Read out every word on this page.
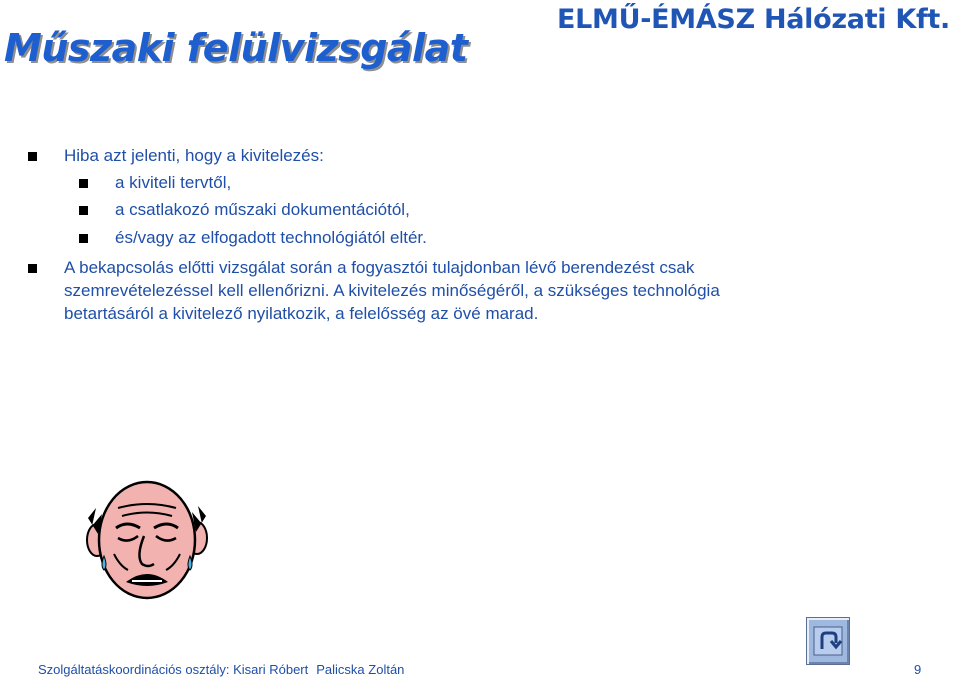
Műszaki felülvizsgálat
ELMŰ-ÉMÁSZ Hálózati Kft.
Hiba azt jelenti, hogy a kivitelezés:
a kiviteli tervtől,
a csatlakozó műszaki dokumentációtól,
és/vagy az elfogadott technológiától eltér.
A bekapcsolás előtti vizsgálat során a fogyasztói tulajdonban lévő berendezést csak
szemrevételezéssel kell ellenőrizni. A kivitelezés minőségéről, a szükséges technológia
betartásáról a kivitelező nyilatkozik, a felelősség az övé marad.
Szolgáltatáskoordinációs osztály: Kisari Róbert Palicska Zoltán	9
